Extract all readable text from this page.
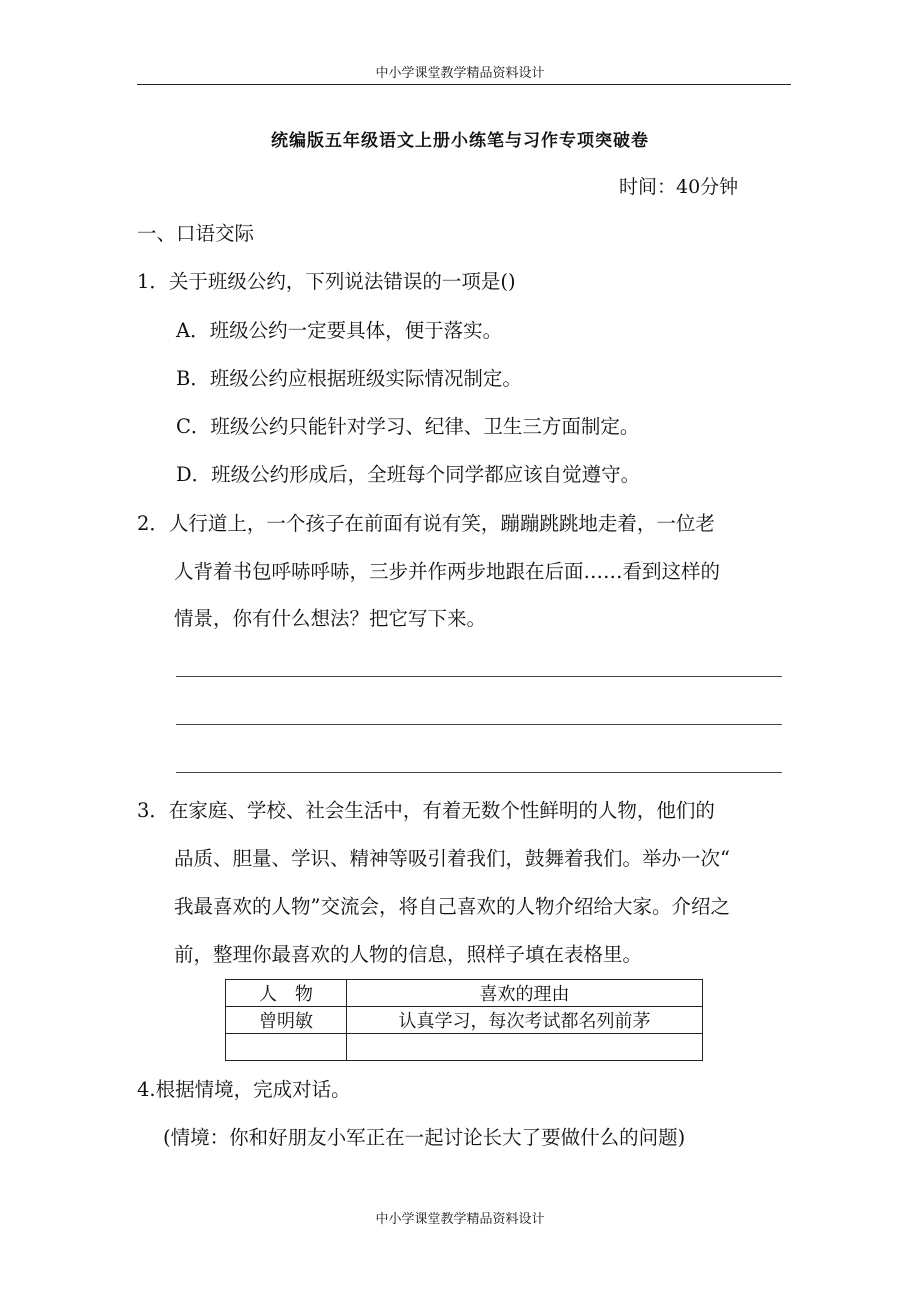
中小学课堂教学精品资料设计
统编版五年级语文上册小练笔与习作专项突破卷
时间：40分钟
一、口语交际
1．关于班级公约，下列说法错误的一项是()
A．班级公约一定要具体，便于落实。
B．班级公约应根据班级实际情况制定。
C．班级公约只能针对学习、纪律、卫生三方面制定。
D．班级公约形成后，全班每个同学都应该自觉遵守。
2．人行道上，一个孩子在前面有说有笑，蹦蹦跳跳地走着，一位老
人背着书包呼哧呼哧，三步并作两步地跟在后面……看到这样的
情景，你有什么想法？把它写下来。
3．在家庭、学校、社会生活中，有着无数个性鲜明的人物，他们的
品质、胆量、学识、精神等吸引着我们，鼓舞着我们。举办一次“
我最喜欢的人物”交流会，将自己喜欢的人物介绍给大家。介绍之
前，整理你最喜欢的人物的信息，照样子填在表格里。
人　物	喜欢的理由
曾明敏	认真学习，每次考试都名列前茅

4.根据情境，完成对话。
(情境：你和好朋友小军正在一起讨论长大了要做什么的问题)
中小学课堂教学精品资料设计
